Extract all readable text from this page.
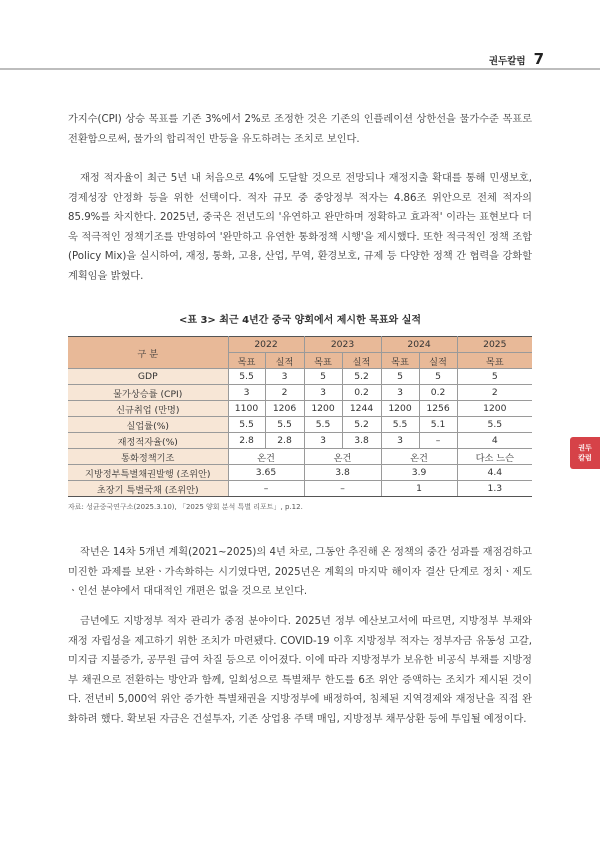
권두칼럼 7
권두
칼럼

가지수(CPI) 상승 목표를 기존 3%에서 2%로 조정한 것은 기존의 인플레이션 상한선을 물가수준 목표로 전환함으로써, 물가의 합리적인 반등을 유도하려는 조치로 보인다.

재정 적자율이 최근 5년 내 처음으로 4%에 도달할 것으로 전망되나 재정지출 확대를 통해 민생보호, 경제성장 안정화 등을 위한 선택이다. 적자 규모 중 중앙정부 적자는 4.86조 위안으로 전체 적자의 85.9%를 차지한다. 2025년, 중국은 전년도의 '유연하고 완만하며 정확하고 효과적' 이라는 표현보다 더욱 적극적인 정책기조를 반영하여 '완만하고 유연한 통화정책 시행'을 제시했다. 또한 적극적인 정책 조합(Policy Mix)을 실시하여, 재정, 통화, 고용, 산업, 무역, 환경보호, 규제 등 다양한 정책 간 협력을 강화할 계획임을 밝혔다.

<표 3> 최근 4년간 중국 양회에서 제시한 목표와 실적
구 분	2022		2023		2024		2025
	목표	실적	목표	실적	목표	실적	목표
GDP	5.5	3	5	5.2	5	5	5
물가상승률 (CPI)	3	2	3	0.2	3	0.2	2
신규취업 (만명)	1100	1206	1200	1244	1200	1256	1200
실업률(%)	5.5	5.5	5.5	5.2	5.5	5.1	5.5
재정적자율(%)	2.8	2.8	3	3.8	3	–	4
통화정책기조	온건		온건		온건		다소 느슨
지방정부특별채권발행 (조위안)	3.65		3.8		3.9		4.4
초장기 특별국채 (조위안)	–		–		1		1.3
자료: 성균중국연구소(2025.3.10), 「2025 양회 분석 특별 리포트」, p.12.

작년은 14차 5개년 계획(2021~2025)의 4년 차로, 그동안 추진해 온 정책의 중간 성과를 재점검하고 미진한 과제를 보완ㆍ가속화하는 시기였다면, 2025년은 계획의 마지막 해이자 결산 단계로 정치ㆍ제도ㆍ인선 분야에서 대대적인 개편은 없을 것으로 보인다.

금년에도 지방정부 적자 관리가 중점 분야이다. 2025년 정부 예산보고서에 따르면, 지방정부 부채와 재정 자립성을 제고하기 위한 조치가 마련됐다. COVID-19 이후 지방정부 적자는 정부자금 유동성 고갈, 미지급 지불증가, 공무원 급여 차질 등으로 이어졌다. 이에 따라 지방정부가 보유한 비공식 부채를 지방정부 채권으로 전환하는 방안과 함께, 일회성으로 특별채무 한도를 6조 위안 증액하는 조치가 제시된 것이다. 전년비 5,000억 위안 증가한 특별채권을 지방정부에 배정하여, 침체된 지역경제와 재정난을 직접 완화하려 했다. 확보된 자금은 건설투자, 기존 상업용 주택 매입, 지방정부 채무상환 등에 투입될 예정이다.
